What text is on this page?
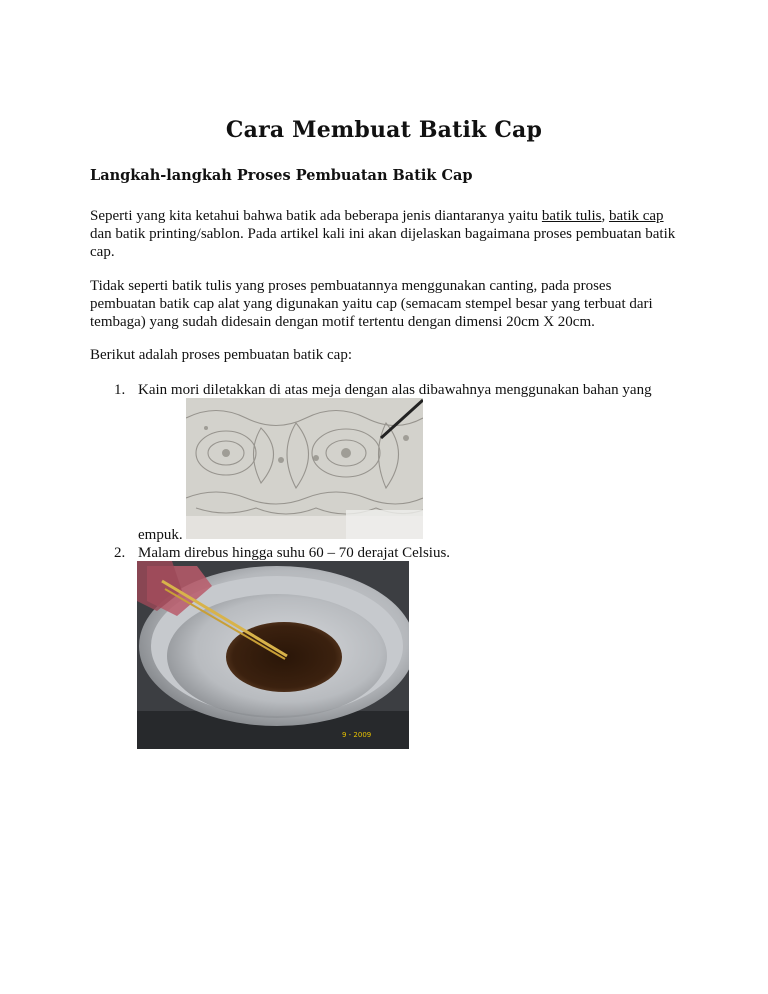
Cara Membuat Batik Cap
Langkah-langkah Proses Pembuatan Batik Cap

Seperti yang kita ketahui bahwa batik ada beberapa jenis diantaranya yaitu batik tulis, batik cap dan batik printing/sablon. Pada artikel kali ini akan dijelaskan bagaimana proses pembuatan batik cap.

Tidak seperti batik tulis yang proses pembuatannya menggunakan canting, pada proses pembuatan batik cap alat yang digunakan yaitu cap (semacam stempel besar yang terbuat dari tembaga) yang sudah didesain dengan motif tertentu dengan dimensi 20cm X 20cm.

Berikut adalah proses pembuatan batik cap:

1. Kain mori diletakkan di atas meja dengan alas dibawahnya menggunakan bahan yang
empuk.
2. Malam direbus hingga suhu 60 – 70 derajat Celsius.
9 - 2009
